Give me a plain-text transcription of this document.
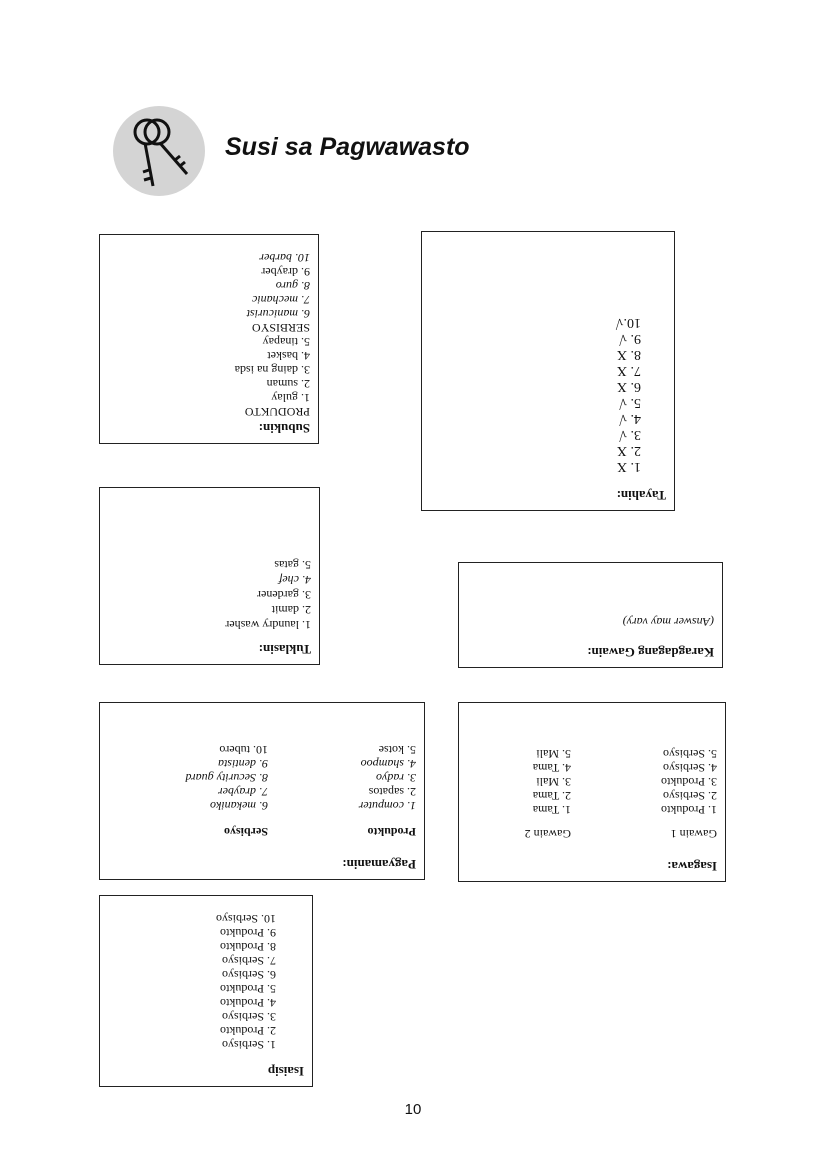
Susi sa Pagwawasto
Subukin:
PRODUKTO
1. gulay
2. suman
3. daing na isda
4. basket
5. tinapay
SERBISYO
6. manicurist
7. mechanic
8. guro
9. drayber
10. barber
Tayahin:
1. X
2. X
3. √
4. √
5. √
6. X
7. X
8. X
9. √
10.√
Tuklasin:
1. laundry washer
2. damit
3. gardener
4. chef
5. gatas
Karagdagang Gawain:
(Answer may vary)
Pagyamanin:
Produkto
Serbisyo
1. computer
2. sapatos
3. radyo
4. shampoo
5. kotse
6. mekaniko
7. drayber
8. Security guard
9. dentista
10. tubero
Isagawa:
Gawain 1
Gawain 2
1. Produkto
2. Serbisyo
3. Produkto
4. Serbisyo
5. Serbisyo
1. Tama
2. Tama
3. Mali
4. Tama
5. Mali
Isaisip
1. Serbisyo
2. Produkto
3. Serbisyo
4. Produkto
5. Produkto
6. Serbisyo
7. Serbisyo
8. Produkto
9. Produkto
10. Serbisyo
10
